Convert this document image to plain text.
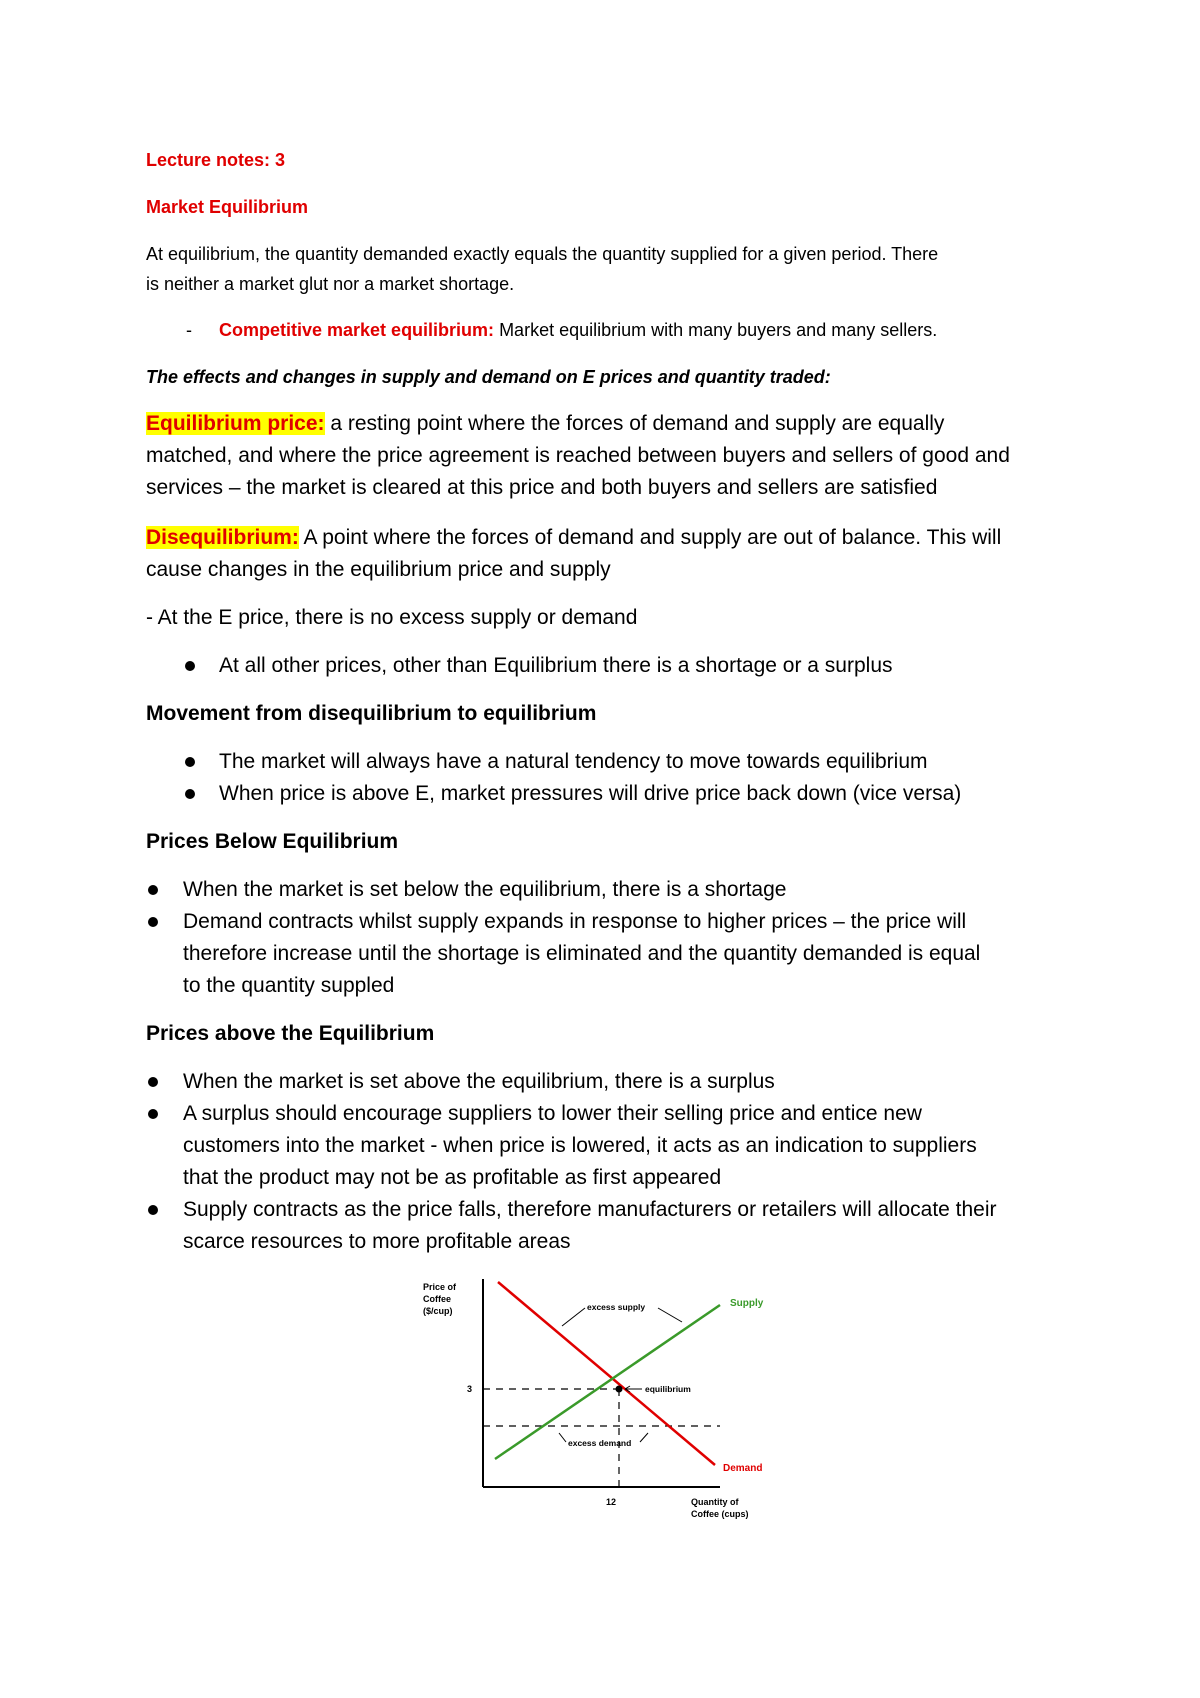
Lecture notes: 3
Market Equilibrium
At equilibrium, the quantity demanded exactly equals the quantity supplied for a given period. There
is neither a market glut nor a market shortage.
- Competitive market equilibrium: Market equilibrium with many buyers and many sellers.
The effects and changes in supply and demand on E prices and quantity traded:
Equilibrium price: a resting point where the forces of demand and supply are equally
matched, and where the price agreement is reached between buyers and sellers of good and
services – the market is cleared at this price and both buyers and sellers are satisfied
Disequilibrium: A point where the forces of demand and supply are out of balance. This will
cause changes in the equilibrium price and supply
- At the E price, there is no excess supply or demand
At all other prices, other than Equilibrium there is a shortage or a surplus
Movement from disequilibrium to equilibrium
The market will always have a natural tendency to move towards equilibrium
When price is above E, market pressures will drive price back down (vice versa)
Prices Below Equilibrium
When the market is set below the equilibrium, there is a shortage
Demand contracts whilst supply expands in response to higher prices – the price will
therefore increase until the shortage is eliminated and the quantity demanded is equal
to the quantity suppled
Prices above the Equilibrium
When the market is set above the equilibrium, there is a surplus
A surplus should encourage suppliers to lower their selling price and entice new
customers into the market - when price is lowered, it acts as an indication to suppliers
that the product may not be as profitable as first appeared
Supply contracts as the price falls, therefore manufacturers or retailers will allocate their
scarce resources to more profitable areas
Price of
Coffee
($/cup)
Quantity of
Coffee (cups)
3
12
Supply
Demand
excess supply
equilibrium
excess demand
